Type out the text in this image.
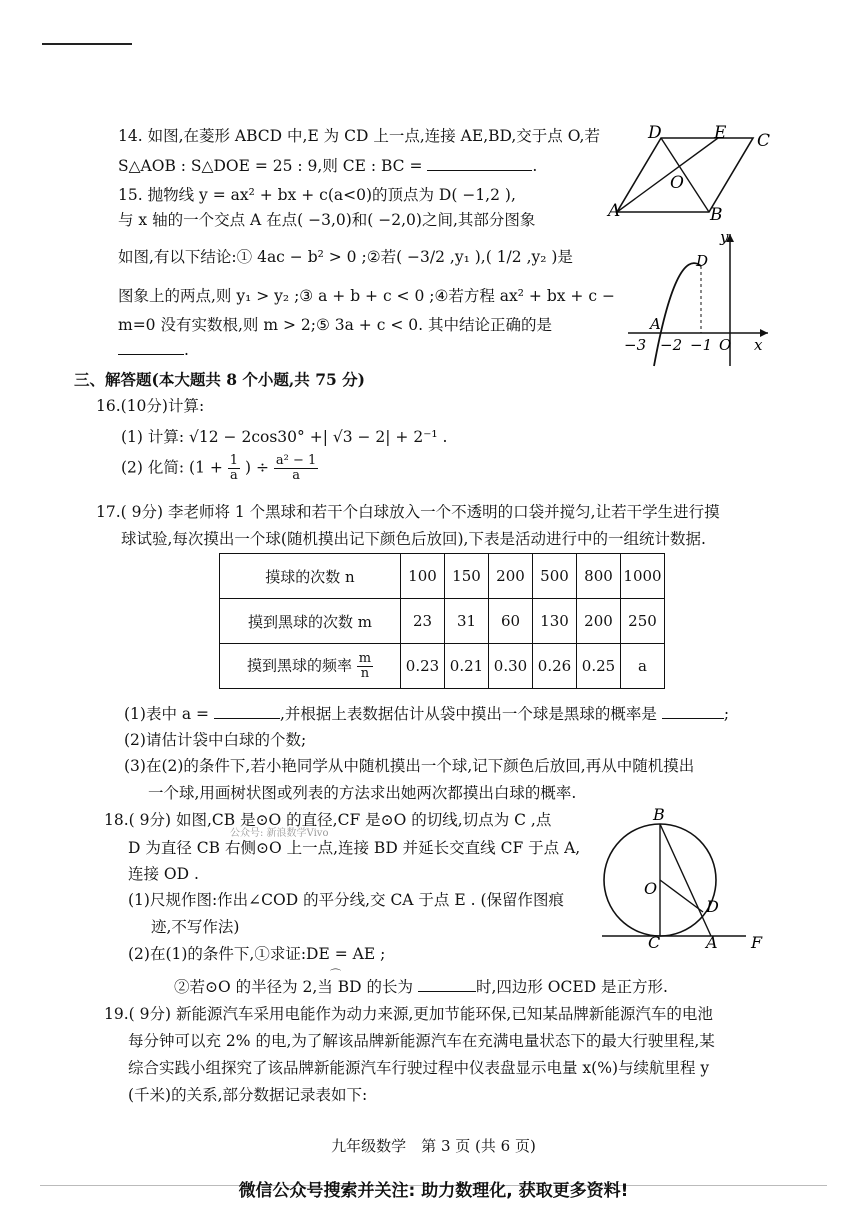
14. 如图,在菱形 ABCD 中,E 为 CD 上一点,连接 AE,BD,交于点 O,若
S△AOB : S△DOE = 25 : 9,则 CE : BC =	.
D	E C
O
A	B
15. 抛物线 y = ax² + bx + c(a<0)的顶点为 D( −1,2 ),
与 x 轴的一个交点 A 在点( −3,0)和( −2,0)之间,其部分图象
如图,有以下结论:① 4ac − b² > 0 ;②若( −3/2 ,y₁ ),( 1/2 ,y₂ )是
图象上的两点,则 y₁ > y₂ ;③ a + b + c < 0 ;④若方程 ax² + bx + c −
m=0 没有实数根,则 m > 2;⑤ 3a + c < 0. 其中结论正确的是
.
y
D
A
−3 −2 −1 O x
三、解答题(本大题共 8 个小题,共 75 分)
16.(10分)计算:
(1) 计算: √12 − 2cos30° +| √3 − 2| + 2⁻¹ .
(2) 化简: ($1 + \frac{1}{a}$ ) ÷ $\frac{\text{a² − 1}}{a}$
17.( 9分) 李老师将 1 个黑球和若干个白球放入一个不透明的口袋并搅匀,让若干学生进行摸
球试验,每次摸出一个球(随机摸出记下颜色后放回),下表是活动进行中的一组统计数据.
摸球的次数 n	100	150	200	500	800	1000
摸到黑球的次数 m	23	31	60	130	200	250
摸到黑球的频率 $\frac{m}{n}$	0.23	0.21	0.30	0.26	0.25	a
(1)表中 a =	,并根据上表数据估计从袋中摸出一个球是黑球的概率是	;
(2)请估计袋中白球的个数;
(3)在(2)的条件下,若小艳同学从中随机摸出一个球,记下颜色后放回,再从中随机摸出
一个球,用画树状图或列表的方法求出她两次都摸出白球的概率.
18.( 9分) 如图,CB 是⊙O 的直径,CF 是⊙O 的切线,切点为 C ,点
公众号: 新浪数学Vivo
D 为直径 CB 右侧⊙O 上一点,连接 BD 并延长交直线 CF 于点 A,
连接 OD .
(1)尺规作图:作出∠COD 的平分线,交 CA 于点 E . (保留作图痕
迹,不写作法)
(2)在(1)的条件下,①求证:DE = AE ;
②若⊙O 的半径为 2,当 BD 的长为	时,四边形 OCED 是正方形.
⌒
B
O
D
C	A F
19.( 9分) 新能源汽车采用电能作为动力来源,更加节能环保,已知某品牌新能源汽车的电池
每分钟可以充 2% 的电,为了解该品牌新能源汽车在充满电量状态下的最大行驶里程,某
综合实践小组探究了该品牌新能源汽车行驶过程中仪表盘显示电量 x(%)与续航里程 y
(千米)的关系,部分数据记录表如下:
九年级数学　第 3 页 (共 6 页)
微信公众号搜索并关注: 助力数理化, 获取更多资料!
